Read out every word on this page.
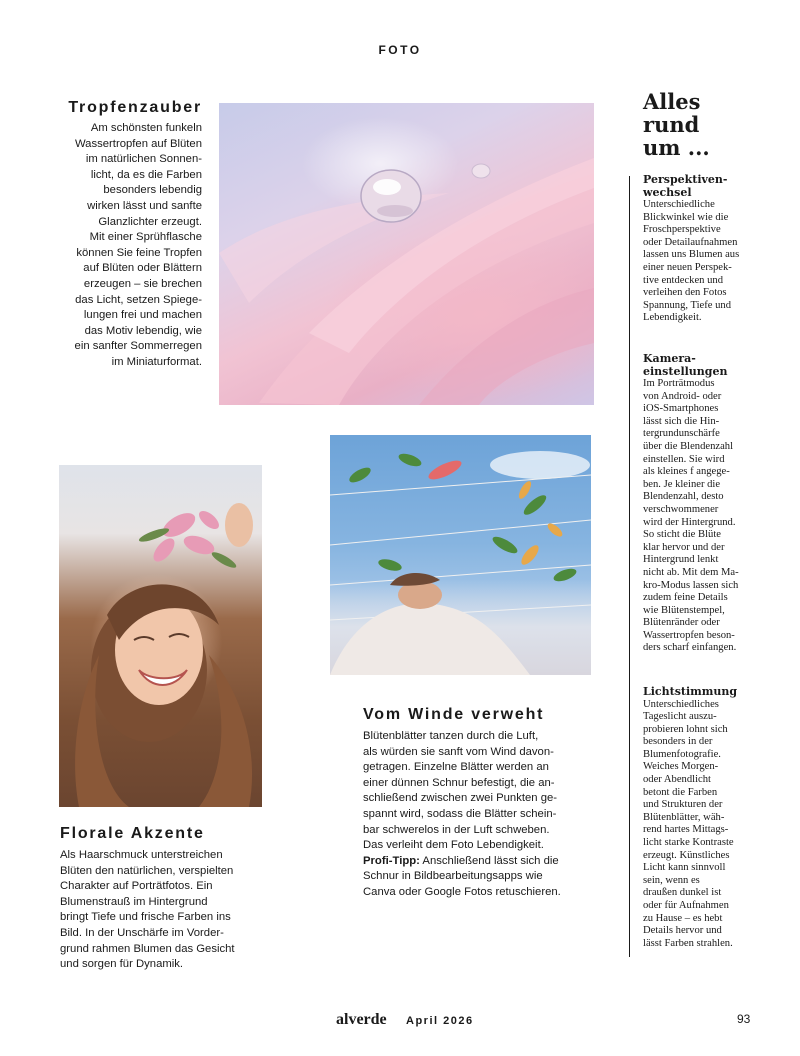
FOTO
Tropfenzauber

Am schönsten funkeln
Wassertropfen auf Blüten
im natürlichen Sonnen-
licht, da es die Farben
besonders lebendig
wirken lässt und sanfte
Glanzlichter erzeugt.
Mit einer Sprühflasche
können Sie feine Tropfen
auf Blüten oder Blättern
erzeugen – sie brechen
das Licht, setzen Spiege-
lungen frei und machen
das Motiv lebendig, wie
ein sanfter Sommerregen
im Miniaturformat.

Vom Winde verweht

Blütenblätter tanzen durch die Luft,
als würden sie sanft vom Wind davon-
getragen. Einzelne Blätter werden an
einer dünnen Schnur befestigt, die an-
schließend zwischen zwei Punkten ge-
spannt wird, sodass die Blätter schein-
bar schwerelos in der Luft schweben.
Das verleiht dem Foto Lebendigkeit.
Profi-Tipp: Anschließend lässt sich die
Schnur in Bildbearbeitungsapps wie
Canva oder Google Fotos retuschieren.

Florale Akzente

Als Haarschmuck unterstreichen
Blüten den natürlichen, verspielten
Charakter auf Porträtfotos. Ein
Blumenstrauß im Hintergrund
bringt Tiefe und frische Farben ins
Bild. In der Unschärfe im Vorder-
grund rahmen Blumen das Gesicht
und sorgen für Dynamik.

Alles
rund
um ...
Perspektiven-
wechsel

Unterschiedliche
Blickwinkel wie die
Froschperspektive
oder Detailaufnahmen
lassen uns Blumen aus
einer neuen Perspek-
tive entdecken und
verleihen den Fotos
Spannung, Tiefe und
Lebendigkeit.

Kamera-
einstellungen

Im Porträtmodus
von Android- oder
iOS-Smartphones
lässt sich die Hin-
tergrundunschärfe
über die Blendenzahl
einstellen. Sie wird
als kleines f angege-
ben. Je kleiner die
Blendenzahl, desto
verschwommener
wird der Hintergrund.
So sticht die Blüte
klar hervor und der
Hintergrund lenkt
nicht ab. Mit dem Ma-
kro-Modus lassen sich
zudem feine Details
wie Blütenstempel,
Blütenränder oder
Wassertropfen beson-
ders scharf einfangen.

Lichtstimmung

Unterschiedliches
Tageslicht auszu-
probieren lohnt sich
besonders in der
Blumenfotografie.
Weiches Morgen-
oder Abendlicht
betont die Farben
und Strukturen der
Blütenblätter, wäh-
rend hartes Mittags-
licht starke Kontraste
erzeugt. Künstliches
Licht kann sinnvoll
sein, wenn es
draußen dunkel ist
oder für Aufnahmen
zu Hause – es hebt
Details hervor und
lässt Farben strahlen.

alverde April 2026	93
